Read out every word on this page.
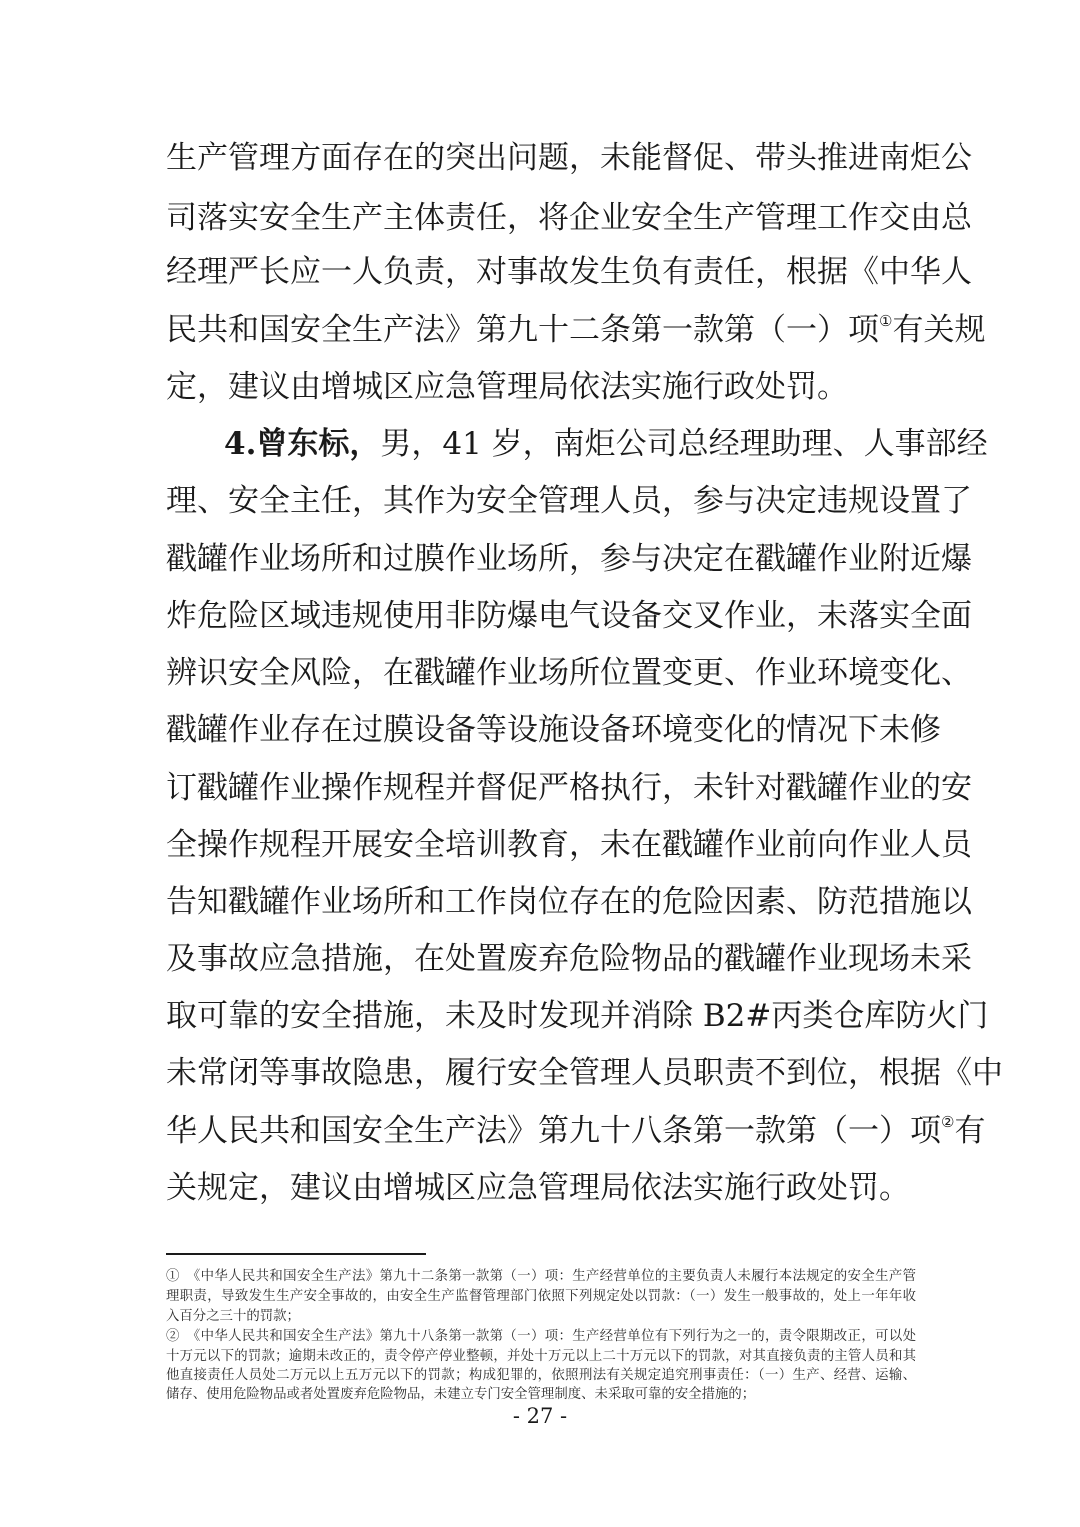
生产管理方面存在的突出问题，未能督促、带头推进南炬公
司落实安全生产主体责任，将企业安全生产管理工作交由总
经理严长应一人负责，对事故发生负有责任，根据《中华人
民共和国安全生产法》第九十二条第一款第（一）项①有关规
定，建议由增城区应急管理局依法实施行政处罚。
4.曾东标，男，41 岁，南炬公司总经理助理、人事部经
理、安全主任，其作为安全管理人员，参与决定违规设置了
戳罐作业场所和过膜作业场所，参与决定在戳罐作业附近爆
炸危险区域违规使用非防爆电气设备交叉作业，未落实全面
辨识安全风险，在戳罐作业场所位置变更、作业环境变化、
戳罐作业存在过膜设备等设施设备环境变化的情况下未修
订戳罐作业操作规程并督促严格执行，未针对戳罐作业的安
全操作规程开展安全培训教育，未在戳罐作业前向作业人员
告知戳罐作业场所和工作岗位存在的危险因素、防范措施以
及事故应急措施，在处置废弃危险物品的戳罐作业现场未采
取可靠的安全措施，未及时发现并消除 B2#丙类仓库防火门
未常闭等事故隐患，履行安全管理人员职责不到位，根据《中
华人民共和国安全生产法》第九十八条第一款第（一）项②有
关规定，建议由增城区应急管理局依法实施行政处罚。
①　《中华人民共和国安全生产法》第九十二条第一款第（一）项：生产经营单位的主要负责人未履行本法规定的安全生产管
理职责，导致发生生产安全事故的，由安全生产监督管理部门依照下列规定处以罚款：（一）发生一般事故的，处上一年年收
入百分之三十的罚款；
②　《中华人民共和国安全生产法》第九十八条第一款第（一）项：生产经营单位有下列行为之一的，责令限期改正，可以处
十万元以下的罚款；逾期未改正的，责令停产停业整顿，并处十万元以上二十万元以下的罚款，对其直接负责的主管人员和其
他直接责任人员处二万元以上五万元以下的罚款；构成犯罪的，依照刑法有关规定追究刑事责任：（一）生产、经营、运输、
储存、使用危险物品或者处置废弃危险物品，未建立专门安全管理制度、未采取可靠的安全措施的；
- 27 -
